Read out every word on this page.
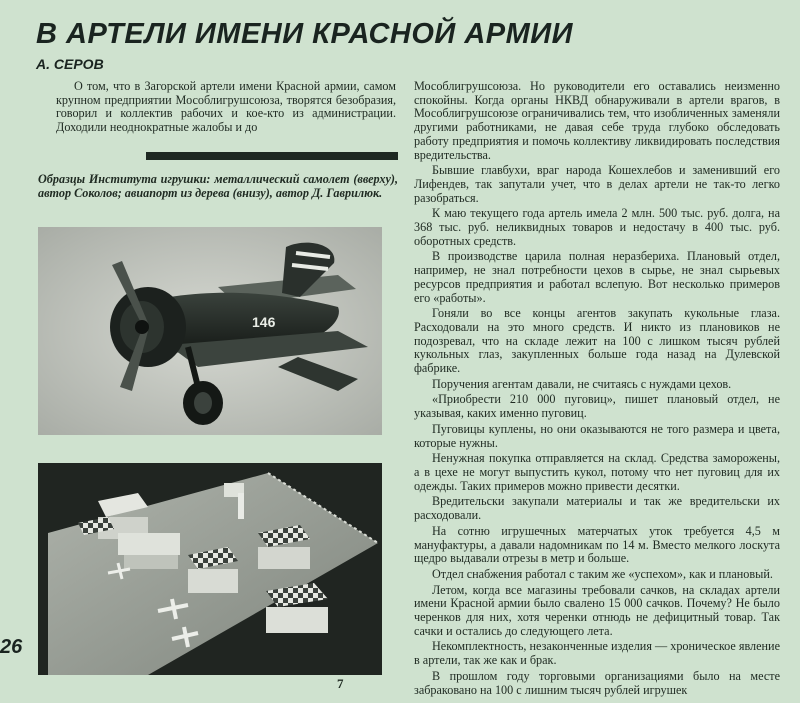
В АРТЕЛИ ИМЕНИ КРАСНОЙ АРМИИ
А. СЕРОВ

О том, что в Загорской артели имени Красной армии, самом крупном предприятии Мособлигрушсоюза, творятся безобразия, говорил и коллектив рабочих и кое-кто из администрации. Доходили неоднократные жалобы и до

Образцы Института игрушки: металлический самолет (вверху), автор Соколов; авиапорт из дерева (внизу), автор Д. Гаврилюк.
146

Мособлигрушсоюза. Но руководители его оставались неизменно спокойны. Когда органы НКВД обнаруживали в артели врагов, в Мособлигрушсоюзе ограничивались тем, что изобличенных заменяли другими работниками, не давая себе труда глубоко обследовать работу предприятия и помочь коллективу ликвидировать последствия вредительства.

Бывшие главбухи, враг народа Кошехлебов и заменивший его Лифендев, так запутали учет, что в делах артели не так-то легко разобраться.

К маю текущего года артель имела 2 млн. 500 тыс. руб. долга, на 368 тыс. руб. неликвидных товаров и недостачу в 400 тыс. руб. оборотных средств.

В производстве царила полная неразбериха. Плановый отдел, например, не знал потребности цехов в сырье, не знал сырьевых ресурсов предприятия и работал вслепую. Вот несколько примеров его «работы».

Гоняли во все концы агентов закупать кукольные глаза. Расходовали на это много средств. И никто из плановиков не подозревал, что на складе лежит на 100 с лишком тысяч рублей кукольных глаз, закупленных больше года назад на Дулевской фабрике.

Поручения агентам давали, не считаясь с нуждами цехов.

«Приобрести 210 000 пуговиц», пишет плановый отдел, не указывая, каких именно пуговиц.

Пуговицы куплены, но они оказываются не того размера и цвета, которые нужны.

Ненужная покупка отправляется на склад. Средства заморожены, а в цехе не могут выпустить кукол, потому что нет пуговиц для их одежды. Таких примеров можно привести десятки.

Вредительски закупали материалы и так же вредительски их расходовали.

На сотню игрушечных матерчатых уток требуется 4,5 м мануфактуры, а давали надомникам по 14 м. Вместо мелкого лоскута щедро выдавали отрезы в метр и больше.

Отдел снабжения работал с таким же «успехом», как и плановый.

Летом, когда все магазины требовали сачков, на складах артели имени Красной армии было свалено 15 000 сачков. Почему? Не было черенков для них, хотя черенки отнюдь не дефицитный товар. Так сачки и остались до следующего лета.

Некомплектность, незаконченные изделия — хроническое явление в артели, так же как и брак.

В прошлом году торговыми организациями было на месте забраковано на 100 с лишним тысяч рублей игрушек

26
7
